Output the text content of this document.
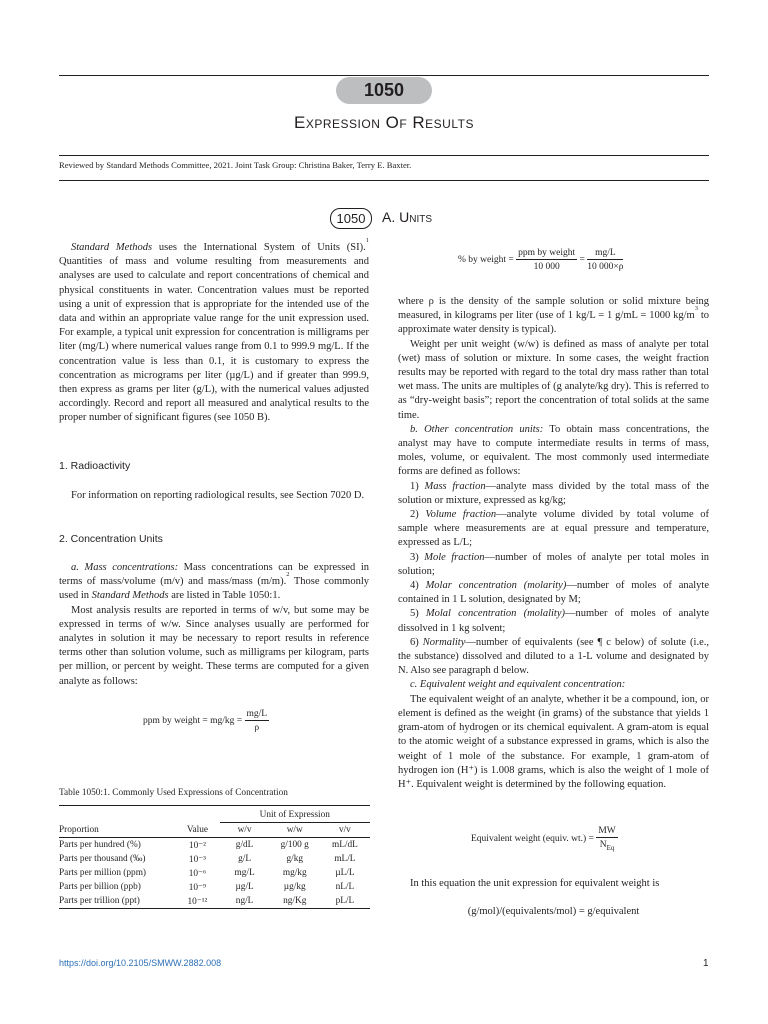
1050
Expression Of Results
Reviewed by Standard Methods Committee, 2021. Joint Task Group: Christina Baker, Terry E. Baxter.
1050	A. Units

Standard Methods uses the International System of Units (SI).$^1$ Quantities of mass and volume resulting from measurements and analyses are used to calculate and report concentrations of chemical and physical constituents in water. Concentration values must be reported using a unit of expression that is appropriate for the intended use of the data and within an appropriate value range for the unit expression used. For example, a typical unit expression for concentration is milligrams per liter (mg/L) where numerical values range from 0.1 to 999.9 mg/L. If the concentration value is less than 0.1, it is customary to express the concentration as micrograms per liter (µg/L) and if greater than 999.9, then express as grams per liter (g/L), with the numerical values adjusted accordingly. Record and report all measured and analytical results to the proper number of significant figures (see 1050 B).

1. Radioactivity

For information on reporting radiological results, see Section 7020 D.

2. Concentration Units

a. Mass concentrations: Mass concentrations can be expressed in terms of mass/volume (m/v) and mass/mass (m/m).$^2$ Those commonly used in Standard Methods are listed in Table 1050:1.

Most analysis results are reported in terms of w/v, but some may be expressed in terms of w/w. Since analyses usually are performed for analytes in solution it may be necessary to report results in reference terms other than solution volume, such as milligrams per kilogram, parts per million, or percent by weight. These terms are computed for a given analyte as follows:

ppm by weight = $mg/kg = \frac{mg/L}{\rho}$
Table 1050:1. Commonly Used Expressions of Concentration
		Unit of Expression		
Proportion	Value	w/v	w/w	v/v
Parts per hundred (%)	10⁻²	g/dL	g/100 g	mL/dL
Parts per thousand (‰)	10⁻³	g/L	g/kg	mL/L
Parts per million (ppm)	10⁻⁶	mg/L	mg/kg	µL/L
Parts per billion (ppb)	10⁻⁹	µg/L	µg/kg	nL/L
Parts per trillion (ppt)	10⁻¹²	ng/L	ng/Kg	pL/L
% by weight = $\frac{\text{ppm by weight}}{10 000} = \frac{mg/L}{10 000\times\rho}$

where ρ is the density of the sample solution or solid mixture being measured, in kilograms per liter (use of 1 kg/L = 1 g/mL = 1000 $kg/m^3$ to approximate water density is typical).

Weight per unit weight (w/w) is defined as mass of analyte per total (wet) mass of solution or mixture. In some cases, the weight fraction results may be reported with regard to the total dry mass rather than total wet mass. The units are multiples of (g analyte/kg dry). This is referred to as “dry-weight basis”; report the concentration of total solids at the same time.

b. Other concentration units: To obtain mass concentrations, the analyst may have to compute intermediate results in terms of mass, moles, volume, or equivalent. The most commonly used intermediate forms are defined as follows:

1) Mass fraction—analyte mass divided by the total mass of the solution or mixture, expressed as kg/kg;

2) Volume fraction—analyte volume divided by total volume of sample where measurements are at equal pressure and temperature, expressed as L/L;

3) Mole fraction—number of moles of analyte per total moles in solution;

4) Molar concentration (molarity)—number of moles of analyte contained in 1 L solution, designated by M;

5) Molal concentration (molality)—number of moles of analyte dissolved in 1 kg solvent;

6) Normality—number of equivalents (see ¶ c below) of solute (i.e., the substance) dissolved and diluted to a 1-L volume and designated by N. Also see paragraph d below.

c. Equivalent weight and equivalent concentration:

The equivalent weight of an analyte, whether it be a compound, ion, or element is defined as the weight (in grams) of the substance that yields 1 gram-atom of hydrogen or its chemical equivalent. A gram-atom is equal to the atomic weight of a substance expressed in grams, which is also the weight of 1 mole of the substance. For example, 1 gram-atom of hydrogen ion (H⁺) is 1.008 grams, which is also the weight of 1 mole of H⁺. Equivalent weight is determined by the following equation.

Equivalent weight (equiv. $wt.) = \frac{MW}{N_{Eq}}$

In this equation the unit expression for equivalent weight is

(g/mol)/(equivalents/mol) = g/equivalent
https://doi.org/10.2105/SMWW.2882.008	1
